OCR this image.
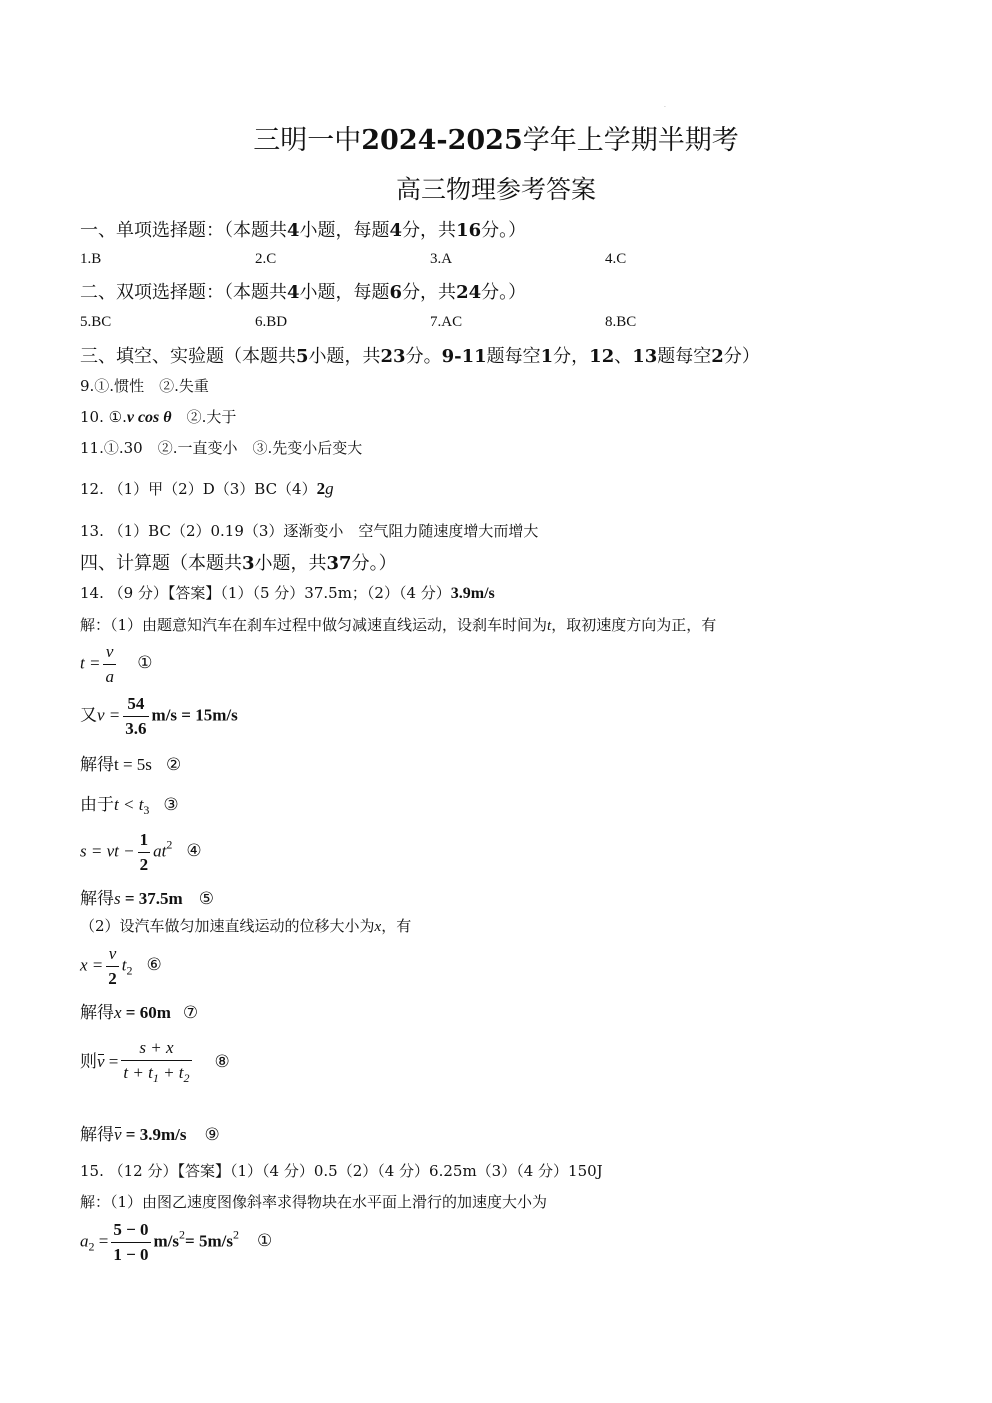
·
三明一中2024-2025学年上学期半期考
高三物理参考答案
一、单项选择题：（本题共4小题，每题4分，共16分。）
1.B	2.C	3.A	4.C
二、双项选择题：（本题共4小题，每题6分，共24分。）
5.BC	6.BD	7.AC	8.BC
三、填空、实验题（本题共5小题，共23分。9-11题每空1分，12、13题每空2分）
9.①.惯性　②.失重
10. ①.v cos θ　②.大于
11.①.30　②.一直变小　③.先变小后变大
12. （1）甲（2）D（3）BC（4）2g
13. （1）BC（2）0.19（3）逐渐变小　空气阻力随速度增大而增大
四、计算题（本题共3小题，共37分。）
14. （9 分）【答案】（1）（5 分）37.5m；（2）（4 分）3.9m/s
解：（1）由题意知汽车在刹车过程中做匀减速直线运动，设刹车时间为t，取初速度方向为正，有
$t = \frac{v}{a}$ ①
又$v = \frac{54}{3.6} m/s = 15m/s$
解得t = 5s ②
由于$t < t_3$ ③
s = vt − $\frac{1}{2} at^2$ ④
解得s = 37.5m ⑤
（2）设汽车做匀加速直线运动的位移大小为x，有
$x = \frac{v}{2} t_2$ ⑥
解得x = 60m ⑦
则$v = \frac{s + x}{t + t_1 + t_2}$ ⑧
解得v = 3.9m/s ⑨
15. （12 分）【答案】（1）（4 分）0.5（2）（4 分）6.25m（3）（4 分）150J
解：（1）由图乙速度图像斜率求得物块在水平面上滑行的加速度大小为
$a_2 = \frac{5 - 0}{1 - 0} m/s^2= 5m/s^2$ ①
